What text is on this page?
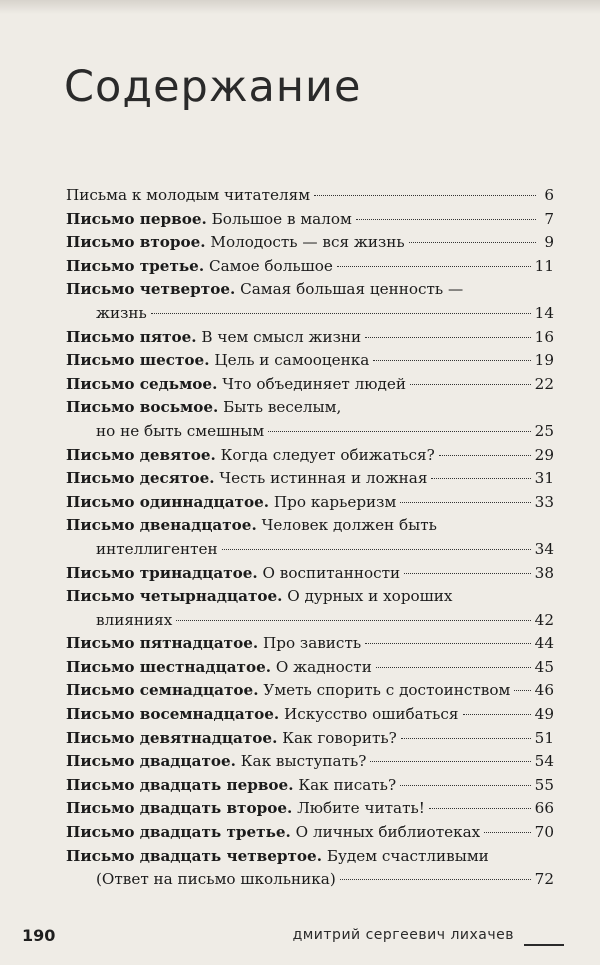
Содержание
Письма к молодым читателям	6
Письмо первое. Большое в малом	7
Письмо второе. Молодость — вся жизнь	9
Письмо третье. Самое большое	11
Письмо четвертое. Самая большая ценность —
жизнь	14
Письмо пятое. В чем смысл жизни	16
Письмо шестое. Цель и самооценка	19
Письмо седьмое. Что объединяет людей	22
Письмо восьмое. Быть веселым,
но не быть смешным	25
Письмо девятое. Когда следует обижаться?	29
Письмо десятое. Честь истинная и ложная	31
Письмо одиннадцатое. Про карьеризм	33
Письмо двенадцатое. Человек должен быть
интеллигентен	34
Письмо тринадцатое. О воспитанности	38
Письмо четырнадцатое. О дурных и хороших
влияниях	42
Письмо пятнадцатое. Про зависть	44
Письмо шестнадцатое. О жадности	45
Письмо семнадцатое. Уметь спорить с достоинством 46
Письмо восемнадцатое. Искусство ошибаться	49
Письмо девятнадцатое. Как говорить?	51
Письмо двадцатое. Как выступать?	54
Письмо двадцать первое. Как писать?	55
Письмо двадцать второе. Любите читать!	66
Письмо двадцать третье. О личных библиотеках	70
Письмо двадцать четвертое. Будем счастливыми
(Ответ на письмо школьника)	72
190	дмитрий сергеевич лихачев
